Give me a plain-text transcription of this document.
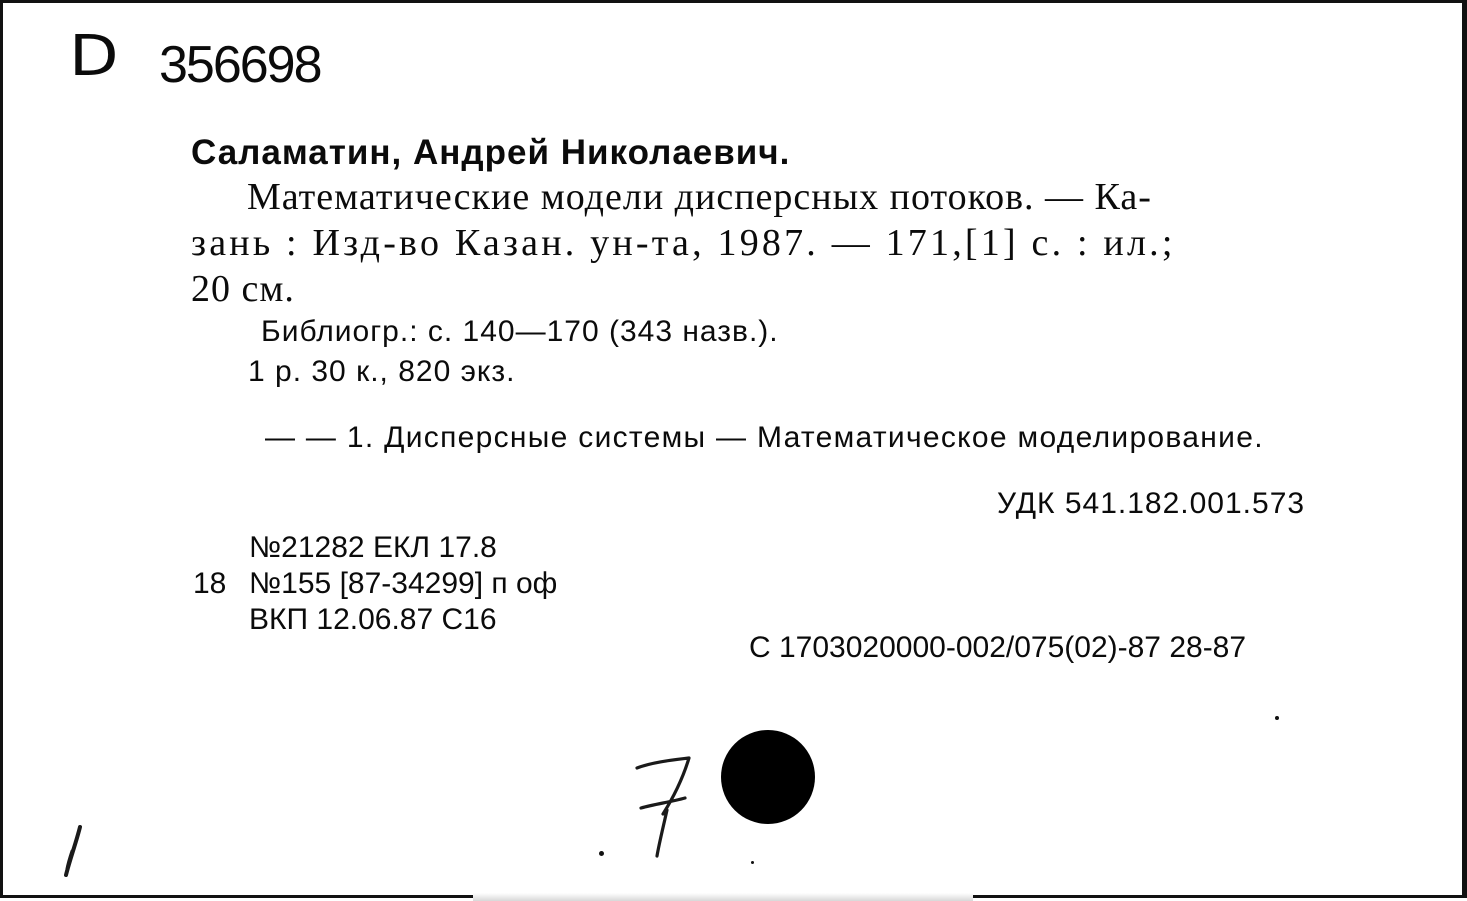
D 356698
Саламатин, Андрей Николаевич.
Математические модели дисперсных потоков. — Ка-
зань : Изд-во Казан. ун-та, 1987. — 171,[1] с. : ил.;
20 см.
Библиогр.: с. 140—170 (343 назв.).
1 р. 30 к., 820 экз.
— — 1. Дисперсные системы — Математическое моделирование.
УДК 541.182.001.573
№21282 ЕКЛ 17.8
18 №155 [87-34299] п оф
ВКП 12.06.87 С16
С 1703020000-002/075(02)-87 28-87
